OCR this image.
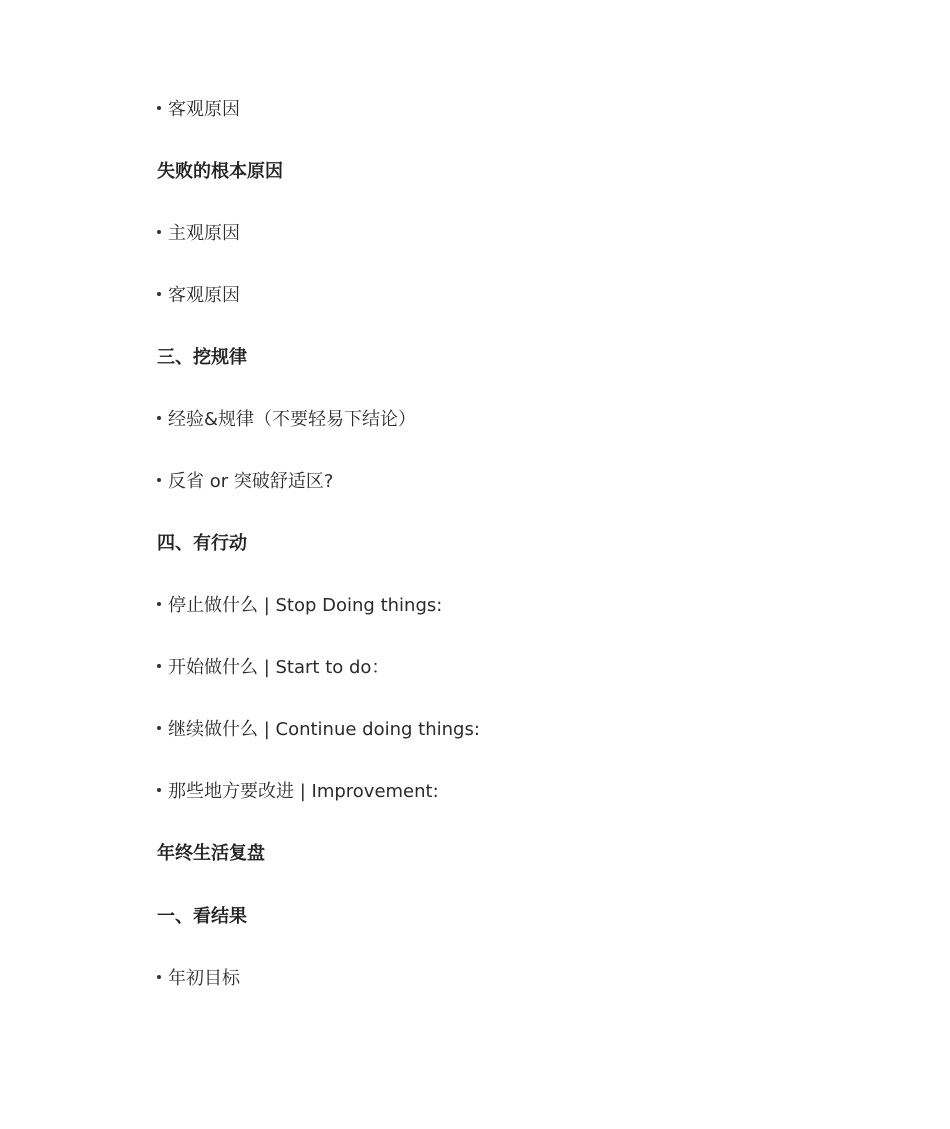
客观原因
失败的根本原因
主观原因
客观原因
三、挖规律
经验&规律（不要轻易下结论）
反省 or 突破舒适区?
四、有行动
停止做什么 | Stop Doing things:
开始做什么 | Start to do：
继续做什么 | Continue doing things:
那些地方要改进 | Improvement:
年终生活复盘
一、看结果
年初目标
